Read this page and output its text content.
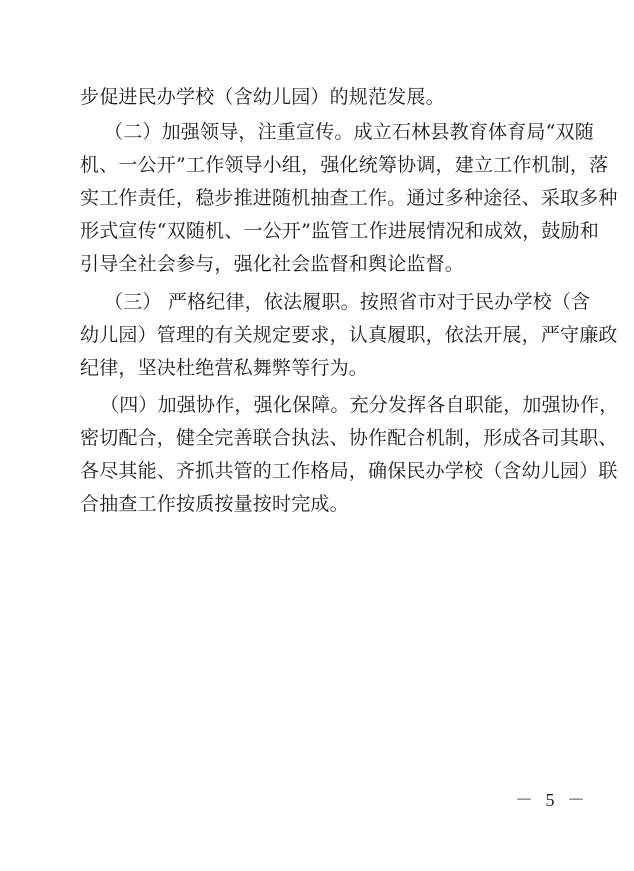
步促进民办学校（含幼儿园）的规范发展。
（二）加强领导，注重宣传。成立石林县教育体育局“双随
机、一公开”工作领导小组，强化统筹协调，建立工作机制，落
实工作责任，稳步推进随机抽查工作。通过多种途径、采取多种
形式宣传“双随机、一公开”监管工作进展情况和成效，鼓励和
引导全社会参与，强化社会监督和舆论监督。
（三） 严格纪律，依法履职。按照省市对于民办学校（含
幼儿园）管理的有关规定要求，认真履职，依法开展，严守廉政
纪律，坚决杜绝营私舞弊等行为。
（四）加强协作，强化保障。充分发挥各自职能，加强协作，
密切配合，健全完善联合执法、协作配合机制，形成各司其职、
各尽其能、齐抓共管的工作格局，确保民办学校（含幼儿园）联
合抽查工作按质按量按时完成。
－ 5 －
